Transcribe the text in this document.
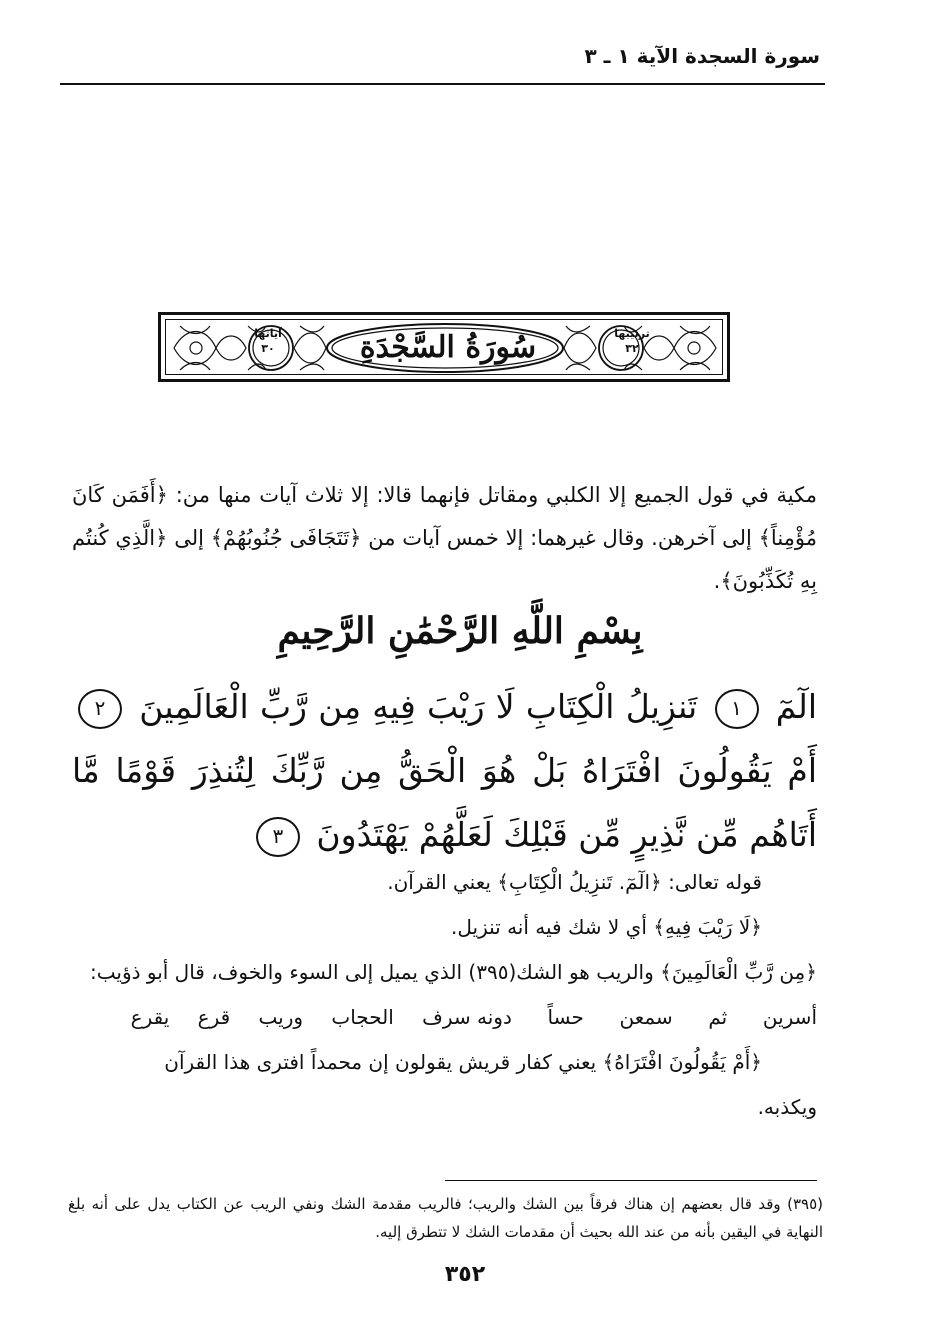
سورة السجدة الآية ١ ـ ٣
آياتها
٣٠	سُورَةُ السَّجْدَةِ	ترتيبها
٣٢
مكية في قول الجميع إلا الكلبي ومقاتل فإنهما قالا: إلا ثلاث آيات منها من: ﴿أَفَمَن كَانَ مُؤْمِناً﴾ إلى آخرهن. وقال غيرهما: إلا خمس آيات من ﴿تَتَجَافَى جُنُوبُهُمْ﴾ إلى ﴿الَّذِي كُنتُم بِهِ تُكَذِّبُونَ﴾.
بِسْمِ اللَّهِ الرَّحْمَٰنِ الرَّحِيمِ
الٓمٓ ١ تَنزِيلُ الْكِتَابِ لَا رَيْبَ فِيهِ مِن رَّبِّ الْعَالَمِينَ ٢ أَمْ يَقُولُونَ افْتَرَاهُ بَلْ هُوَ الْحَقُّ مِن رَّبِّكَ لِتُنذِرَ قَوْمًا مَّا أَتَاهُم مِّن نَّذِيرٍ مِّن قَبْلِكَ لَعَلَّهُمْ يَهْتَدُونَ ٣
قوله تعالى: ﴿الٓمٓ. تَنزِيلُ الْكِتَابِ﴾ يعني القرآن.
﴿لَا رَيْبَ فِيهِ﴾ أي لا شك فيه أنه تنزيل.
﴿مِن رَّبِّ الْعَالَمِينَ﴾ والريب هو الشك(٣٩٥) الذي يميل إلى السوء والخوف، قال أبو ذؤيب:
أسرين ثم سمعن حساً دونه سرف الحجاب وريب قرع يقرع
﴿أَمْ يَقُولُونَ افْتَرَاهُ﴾ يعني كفار قريش يقولون إن محمداً افترى هذا القرآن
ويكذبه.
(٣٩٥) وقد قال بعضهم إن هناك فرقاً بين الشك والريب؛ فالريب مقدمة الشك ونفي الريب عن الكتاب يدل على أنه بلغ النهاية في اليقين بأنه من عند الله بحيث أن مقدمات الشك لا تتطرق إليه.
٣٥٢
